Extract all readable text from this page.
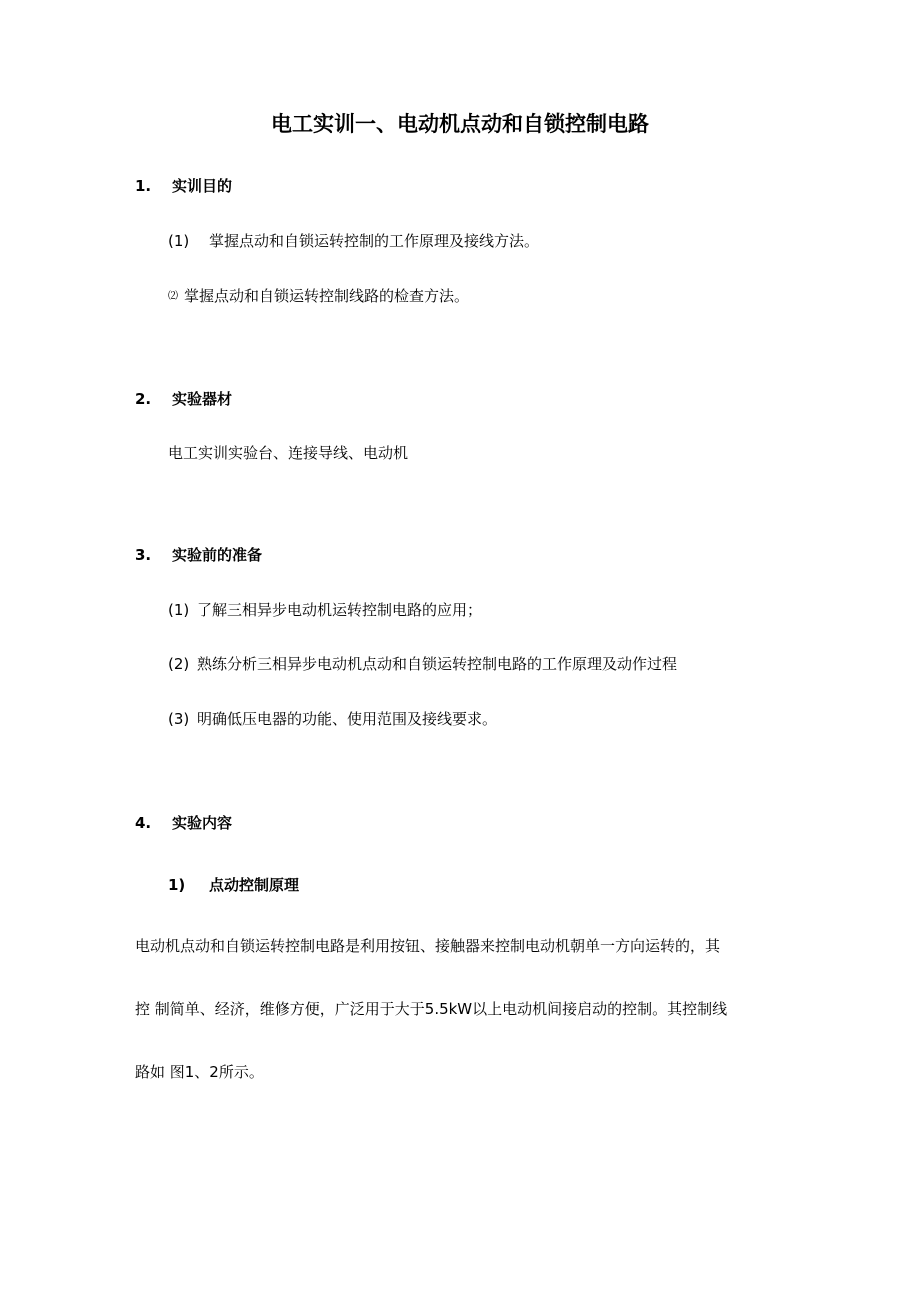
电工实训一、电动机点动和自锁控制电路
1. 实训目的
(1) 掌握点动和自锁运转控制的工作原理及接线方法。
⑵ 掌握点动和自锁运转控制线路的检查方法。
2. 实验器材
电工实训实验台、连接导线、电动机
3. 实验前的准备
(1) 了解三相异步电动机运转控制电路的应用；
(2) 熟练分析三相异步电动机点动和自锁运转控制电路的工作原理及动作过程
(3) 明确低压电器的功能、使用范围及接线要求。
4. 实验内容
1) 点动控制原理
电动机点动和自锁运转控制电路是利用按钮、接触器来控制电动机朝单一方向运转的，其
控 制简单、经济，维修方便，广泛用于大于5.5kW以上电动机间接启动的控制。其控制线
路如 图1、2所示。
